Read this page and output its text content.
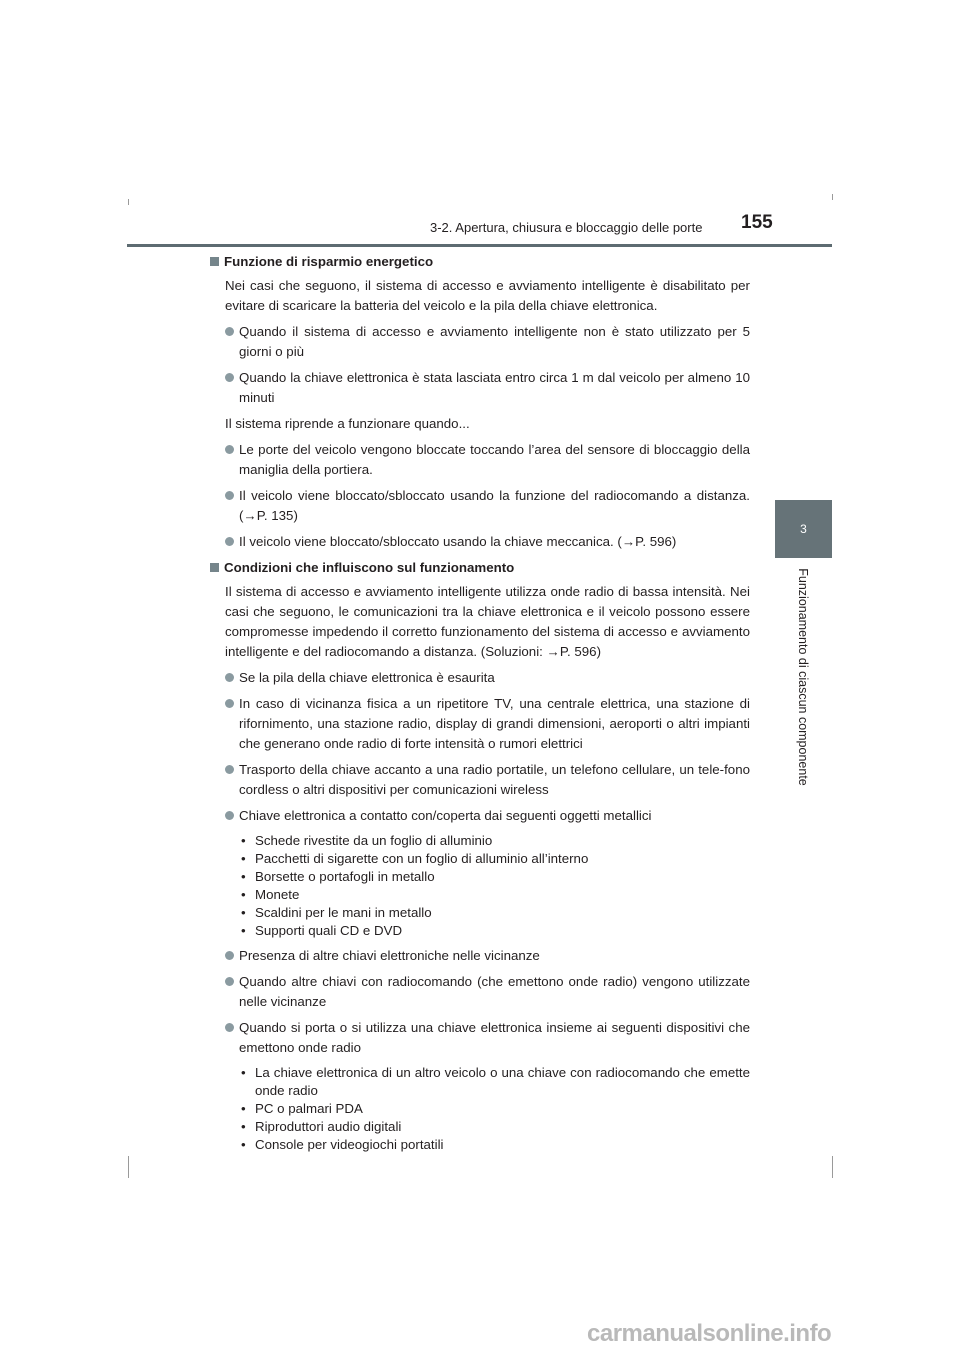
3-2. Apertura, chiusura e bloccaggio delle porte 155
3
Funzionamento di ciascun componente
Funzione di risparmio energetico
Nei casi che seguono, il sistema di accesso e avviamento intelligente è disabilitato per evitare di scaricare la batteria del veicolo e la pila della chiave elettronica.
Quando il sistema di accesso e avviamento intelligente non è stato utilizzato per 5 giorni o più
Quando la chiave elettronica è stata lasciata entro circa 1 m dal veicolo per almeno 10 minuti
Il sistema riprende a funzionare quando...
Le porte del veicolo vengono bloccate toccando l’area del sensore di bloccaggio della maniglia della portiera.
Il veicolo viene bloccato/sbloccato usando la funzione del radiocomando a distanza. (→P. 135)
Il veicolo viene bloccato/sbloccato usando la chiave meccanica. (→P. 596)
Condizioni che influiscono sul funzionamento
Il sistema di accesso e avviamento intelligente utilizza onde radio di bassa intensità. Nei casi che seguono, le comunicazioni tra la chiave elettronica e il veicolo possono essere compromesse impedendo il corretto funzionamento del sistema di accesso e avviamento intelligente e del radiocomando a distanza. (Soluzioni: →P. 596)
Se la pila della chiave elettronica è esaurita
In caso di vicinanza fisica a un ripetitore TV, una centrale elettrica, una stazione di rifornimento, una stazione radio, display di grandi dimensioni, aeroporti o altri impianti che generano onde radio di forte intensità o rumori elettrici
Trasporto della chiave accanto a una radio portatile, un telefono cellulare, un tele-fono cordless o altri dispositivi per comunicazioni wireless
Chiave elettronica a contatto con/coperta dai seguenti oggetti metallici
• Schede rivestite da un foglio di alluminio
• Pacchetti di sigarette con un foglio di alluminio all’interno
• Borsette o portafogli in metallo
• Monete
• Scaldini per le mani in metallo
• Supporti quali CD e DVD
Presenza di altre chiavi elettroniche nelle vicinanze
Quando altre chiavi con radiocomando (che emettono onde radio) vengono utilizzate nelle vicinanze
Quando si porta o si utilizza una chiave elettronica insieme ai seguenti dispositivi che emettono onde radio
• La chiave elettronica di un altro veicolo o una chiave con radiocomando che emette onde radio
• PC o palmari PDA
• Riproduttori audio digitali
• Console per videogiochi portatili
carmanualsonline.info
